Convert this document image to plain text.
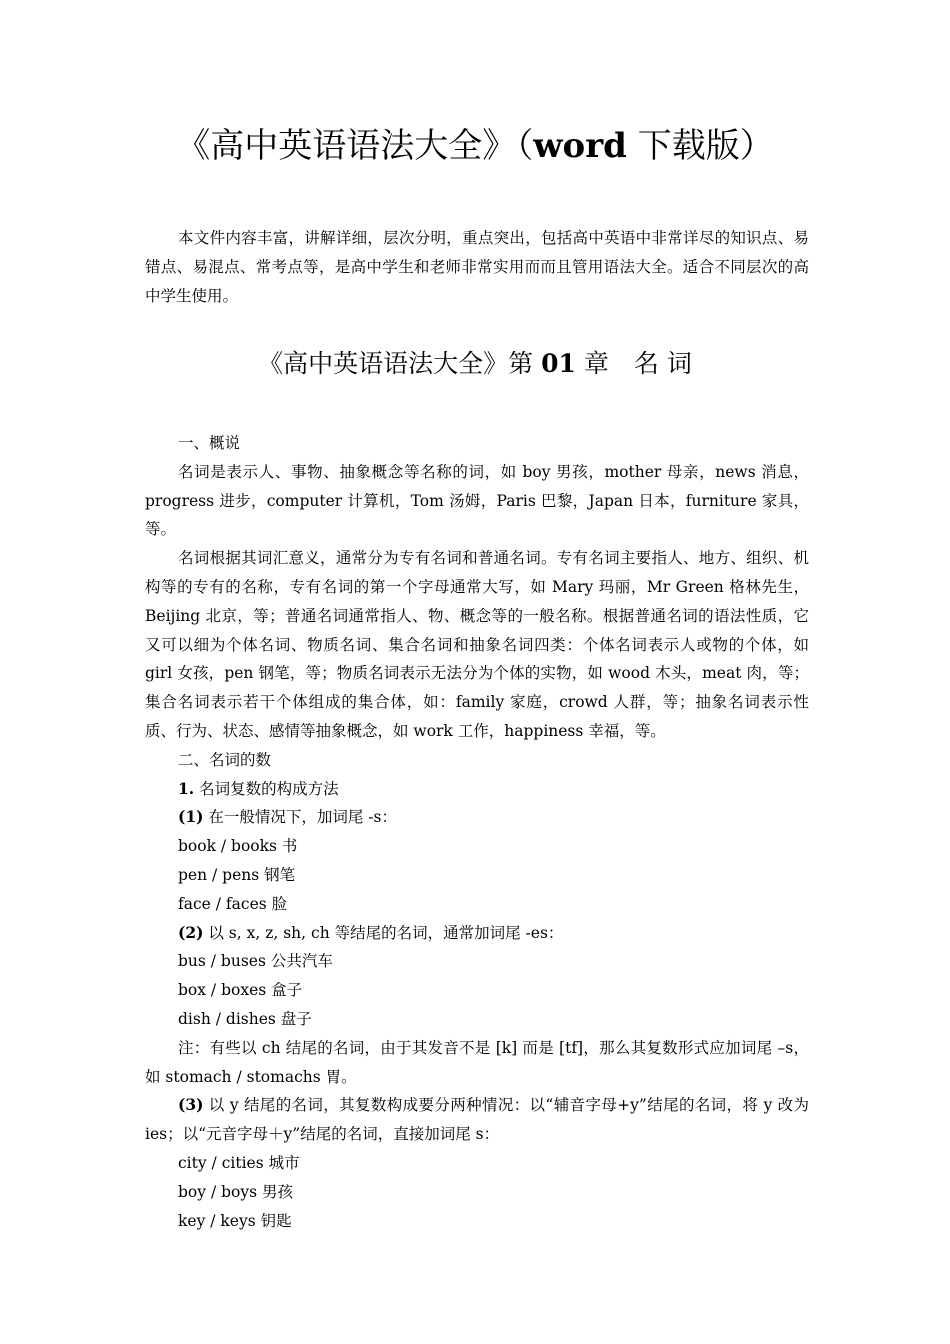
《高中英语语法大全》（word 下载版）

本文件内容丰富，讲解详细，层次分明，重点突出，包括高中英语中非常详尽的知识点、易错点、易混点、常考点等，是高中学生和老师非常实用而而且管用语法大全。适合不同层次的高中学生使用。

《高中英语语法大全》第 01 章　名 词

一、概说

名词是表示人、事物、抽象概念等名称的词，如 boy 男孩，mother 母亲，news 消息，progress 进步，computer 计算机，Tom 汤姆，Paris 巴黎，Japan 日本，furniture 家具，等。

名词根据其词汇意义，通常分为专有名词和普通名词。专有名词主要指人、地方、组织、机构等的专有的名称，专有名词的第一个字母通常大写，如 Mary 玛丽，Mr Green 格林先生，Beijing 北京，等；普通名词通常指人、物、概念等的一般名称。根据普通名词的语法性质，它又可以细为个体名词、物质名词、集合名词和抽象名词四类：个体名词表示人或物的个体，如 girl 女孩，pen 钢笔，等；物质名词表示无法分为个体的实物，如 wood 木头，meat 肉，等；集合名词表示若干个体组成的集合体，如：family 家庭，crowd 人群，等；抽象名词表示性质、行为、状态、感情等抽象概念，如 work 工作，happiness 幸福，等。

二、名词的数

1. 名词复数的构成方法

(1) 在一般情况下，加词尾 -s：

book / books 书

pen / pens 钢笔

face / faces 脸

(2) 以 s, x, z, sh, ch 等结尾的名词，通常加词尾 -es：

bus / buses 公共汽车

box / boxes 盒子

dish / dishes 盘子

注：有些以 ch 结尾的名词，由于其发音不是 [k] 而是 [tf]，那么其复数形式应加词尾 –s，如 stomach / stomachs 胃。

(3) 以 y 结尾的名词，其复数构成要分两种情况：以“辅音字母+y”结尾的名词，将 y 改为 ies；以“元音字母＋y”结尾的名词，直接加词尾 s：

city / cities 城市

boy / boys 男孩

key / keys 钥匙
